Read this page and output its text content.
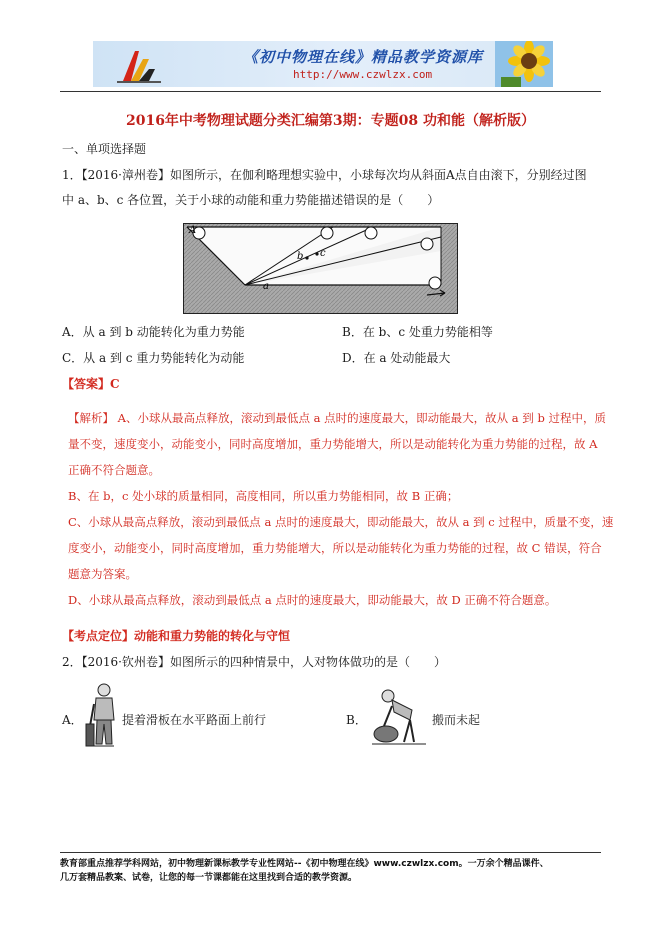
《初中物理在线》精品教学资源库
http://www.czwlzx.com
2016年中考物理试题分类汇编第3期：专题08 功和能（解析版）
一、单项选择题
1．【2016·漳州卷】如图所示，在伽利略理想实验中，小球每次均从斜面A点自由滚下，分别经过图
中 a、b、c 各位置，关于小球的动能和重力势能描述错误的是（　　）
A
b c
a
A．从 a 到 b 动能转化为重力势能	B．在 b、c 处重力势能相等
C．从 a 到 c 重力势能转化为动能	D．在 a 处动能最大
【答案】C
【解析】 A、小球从最高点释放，滚动到最低点 a 点时的速度最大，即动能最大，故从 a 到 b 过程中，质
量不变，速度变小，动能变小，同时高度增加，重力势能增大，所以是动能转化为重力势能的过程，故 A
正确不符合题意。
B、在 b，c 处小球的质量相同，高度相同，所以重力势能相同，故 B 正确；
C、小球从最高点释放，滚动到最低点 a 点时的速度最大，即动能最大，故从 a 到 c 过程中，质量不变，速
度变小，动能变小，同时高度增加，重力势能增大，所以是动能转化为重力势能的过程，故 C 错误，符合
题意为答案。
D、小球从最高点释放，滚动到最低点 a 点时的速度最大，即动能最大，故 D 正确不符合题意。
【考点定位】动能和重力势能的转化与守恒
2．【2016·钦州卷】如图所示的四种情景中，人对物体做功的是（　　）
A．	提着滑板在水平路面上前行	B．	搬而未起
教育部重点推荐学科网站，初中物理新课标教学专业性网站--《初中物理在线》www.czwlzx.com。一万余个精品课件、
几万套精品教案、试卷，让您的每一节课都能在这里找到合适的教学资源。
